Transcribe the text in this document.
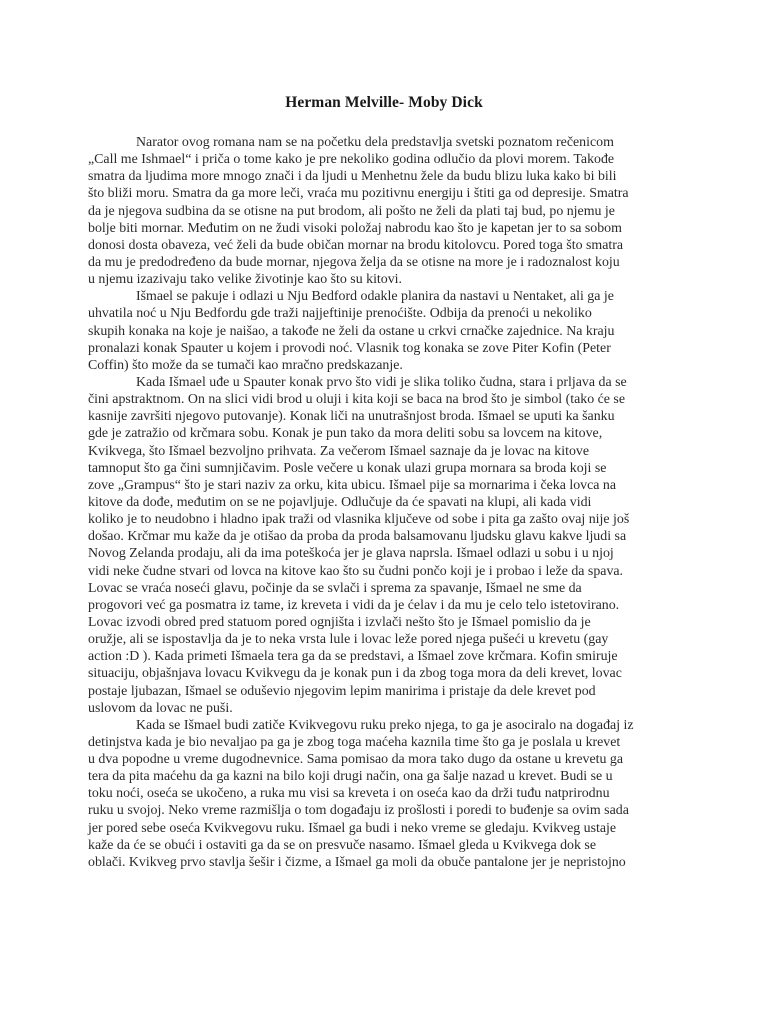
Herman Melville- Moby Dick

Narator ovog romana nam se na početku dela predstavlja svetski poznatom rečenicom
„Call me Ishmael“ i priča o tome kako je pre nekoliko godina odlučio da plovi morem. Takođe
smatra da ljudima more mnogo znači i da ljudi u Menhetnu žele da budu blizu luka kako bi bili
što bliži moru. Smatra da ga more leči, vraća mu pozitivnu energiju i štiti ga od depresije. Smatra
da je njegova sudbina da se otisne na put brodom, ali pošto ne želi da plati taj bud, po njemu je
bolje biti mornar. Međutim on ne žudi visoki položaj nabrodu kao što je kapetan jer to sa sobom
donosi dosta obaveza, već želi da bude običan mornar na brodu kitolovcu. Pored toga što smatra
da mu je predodređeno da bude mornar, njegova želja da se otisne na more je i radoznalost koju
u njemu izazivaju tako velike životinje kao što su kitovi.

Išmael se pakuje i odlazi u Nju Bedford odakle planira da nastavi u Nentaket, ali ga je
uhvatila noć u Nju Bedfordu gde traži najjeftinije prenoćište. Odbija da prenoći u nekoliko
skupih konaka na koje je naišao, a takođe ne želi da ostane u crkvi crnačke zajednice. Na kraju
pronalazi konak Spauter u kojem i provodi noć. Vlasnik tog konaka se zove Piter Kofin (Peter
Coffin) što može da se tumači kao mračno predskazanje.

Kada Išmael uđe u Spauter konak prvo što vidi je slika toliko čudna, stara i prljava da se
čini apstraktnom. On na slici vidi brod u oluji i kita koji se baca na brod što je simbol (tako će se
kasnije završiti njegovo putovanje). Konak liči na unutrašnjost broda. Išmael se uputi ka šanku
gde je zatražio od krčmara sobu. Konak je pun tako da mora deliti sobu sa lovcem na kitove,
Kvikvega, što Išmael bezvoljno prihvata. Za večerom Išmael saznaje da je lovac na kitove
tamnoput što ga čini sumnjičavim. Posle večere u konak ulazi grupa mornara sa broda koji se
zove „Grampus“ što je stari naziv za orku, kita ubicu. Išmael pije sa mornarima i čeka lovca na
kitove da dođe, međutim on se ne pojavljuje. Odlučuje da će spavati na klupi, ali kada vidi
koliko je to neudobno i hladno ipak traži od vlasnika ključeve od sobe i pita ga zašto ovaj nije još
došao. Krčmar mu kaže da je otišao da proba da proda balsamovanu ljudsku glavu kakve ljudi sa
Novog Zelanda prodaju, ali da ima poteškoća jer je glava naprsla. Išmael odlazi u sobu i u njoj
vidi neke čudne stvari od lovca na kitove kao što su čudni pončo koji je i probao i leže da spava.
Lovac se vraća noseći glavu, počinje da se svlači i sprema za spavanje, Išmael ne sme da
progovori već ga posmatra iz tame, iz kreveta i vidi da je ćelav i da mu je celo telo istetovirano.
Lovac izvodi obred pred statuom pored ognjišta i izvlači nešto što je Išmael pomislio da je
oružje, ali se ispostavlja da je to neka vrsta lule i lovac leže pored njega pušeći u krevetu (gay
action :D ). Kada primeti Išmaela tera ga da se predstavi, a Išmael zove krčmara. Kofin smiruje
situaciju, objašnjava lovacu Kvikvegu da je konak pun i da zbog toga mora da deli krevet, lovac
postaje ljubazan, Išmael se oduševio njegovim lepim manirima i pristaje da dele krevet pod
uslovom da lovac ne puši.

Kada se Išmael budi zatiče Kvikvegovu ruku preko njega, to ga je asociralo na događaj iz
detinjstva kada je bio nevaljao pa ga je zbog toga maćeha kaznila time što ga je poslala u krevet
u dva popodne u vreme dugodnevnice. Sama pomisao da mora tako dugo da ostane u krevetu ga
tera da pita maćehu da ga kazni na bilo koji drugi način, ona ga šalje nazad u krevet. Budi se u
toku noći, oseća se ukočeno, a ruka mu visi sa kreveta i on oseća kao da drži tuđu natprirodnu
ruku u svojoj. Neko vreme razmišlja o tom događaju iz prošlosti i poredi to buđenje sa ovim sada
jer pored sebe oseća Kvikvegovu ruku. Išmael ga budi i neko vreme se gledaju. Kvikveg ustaje
kaže da će se obući i ostaviti ga da se on presvuče nasamo. Išmael gleda u Kvikvega dok se
oblači. Kvikveg prvo stavlja šešir i čizme, a Išmael ga moli da obuče pantalone jer je nepristojno
